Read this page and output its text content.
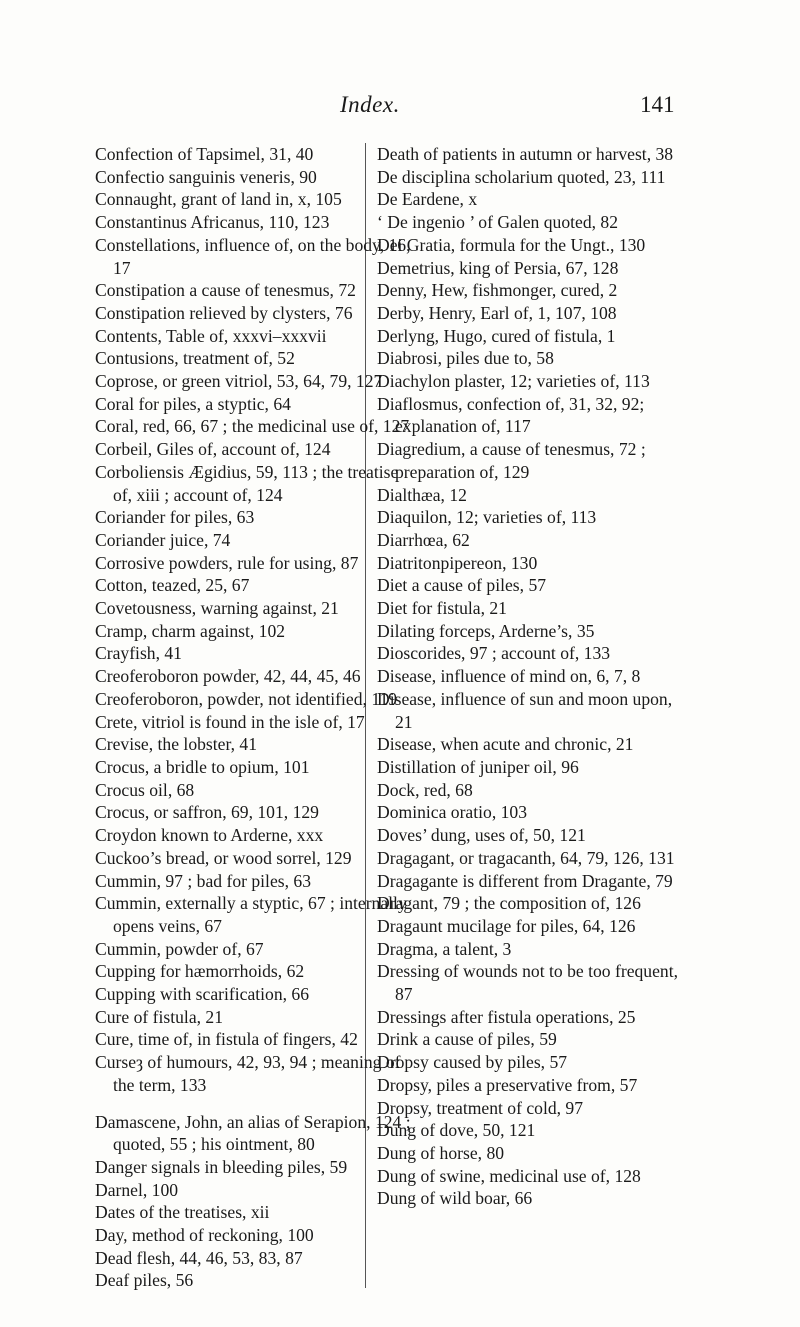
Index.	141

Confection of Tapsimel, 31, 40

Confectio sanguinis veneris, 90

Connaught, grant of land in, x, 105

Constantinus Africanus, 110, 123

Constellations, influence of, on the body, 16, 17

Constipation a cause of tenesmus, 72

Constipation relieved by clysters, 76

Contents, Table of, xxxvi–xxxvii

Contusions, treatment of, 52

Coprose, or green vitriol, 53, 64, 79, 127

Coral for piles, a styptic, 64

Coral, red, 66, 67 ; the medicinal use of, 127

Corbeil, Giles of, account of, 124

Corboliensis Ægidius, 59, 113 ; the treatise of, xiii ; account of, 124

Coriander for piles, 63

Coriander juice, 74

Corrosive powders, rule for using, 87

Cotton, teazed, 25, 67

Covetousness, warning against, 21

Cramp, charm against, 102

Crayfish, 41

Creoferoboron powder, 42, 44, 45, 46

Creoferoboron, powder, not identified, 119

Crete, vitriol is found in the isle of, 17

Crevise, the lobster, 41

Crocus, a bridle to opium, 101

Crocus oil, 68

Crocus, or saffron, 69, 101, 129

Croydon known to Arderne, xxx

Cuckoo’s bread, or wood sorrel, 129

Cummin, 97 ; bad for piles, 63

Cummin, externally a styptic, 67 ; internally opens veins, 67

Cummin, powder of, 67

Cupping for hæmorrhoids, 62

Cupping with scarification, 66

Cure of fistula, 21

Cure, time of, in fistula of fingers, 42

Curseȝ of humours, 42, 93, 94 ; meaning of the term, 133

Damascene, John, an alias of Serapion, 124 ; quoted, 55 ; his ointment, 80

Danger signals in bleeding piles, 59

Darnel, 100

Dates of the treatises, xii

Day, method of reckoning, 100

Dead flesh, 44, 46, 53, 83, 87

Deaf piles, 56

Death of patients in autumn or harvest, 38

De disciplina scholarium quoted, 23, 111

De Eardene, x

‘ De ingenio ’ of Galen quoted, 82

Dei Gratia, formula for the Ungt., 130

Demetrius, king of Persia, 67, 128

Denny, Hew, fishmonger, cured, 2

Derby, Henry, Earl of, 1, 107, 108

Derlyng, Hugo, cured of fistula, 1

Diabrosi, piles due to, 58

Diachylon plaster, 12; varieties of, 113

Diaflosmus, confection of, 31, 32, 92; explanation of, 117

Diagredium, a cause of tenesmus, 72 ; preparation of, 129

Dialthæa, 12

Diaquilon, 12; varieties of, 113

Diarrhœa, 62

Diatritonpipereon, 130

Diet a cause of piles, 57

Diet for fistula, 21

Dilating forceps, Arderne’s, 35

Dioscorides, 97 ; account of, 133

Disease, influence of mind on, 6, 7, 8

Disease, influence of sun and moon upon, 21

Disease, when acute and chronic, 21

Distillation of juniper oil, 96

Dock, red, 68

Dominica oratio, 103

Doves’ dung, uses of, 50, 121

Dragagant, or tragacanth, 64, 79, 126, 131

Dragagante is different from Dragante, 79

Dragant, 79 ; the composition of, 126

Dragaunt mucilage for piles, 64, 126

Dragma, a talent, 3

Dressing of wounds not to be too frequent, 87

Dressings after fistula operations, 25

Drink a cause of piles, 59

Dropsy caused by piles, 57

Dropsy, piles a preservative from, 57

Dropsy, treatment of cold, 97

Dung of dove, 50, 121

Dung of horse, 80

Dung of swine, medicinal use of, 128

Dung of wild boar, 66
